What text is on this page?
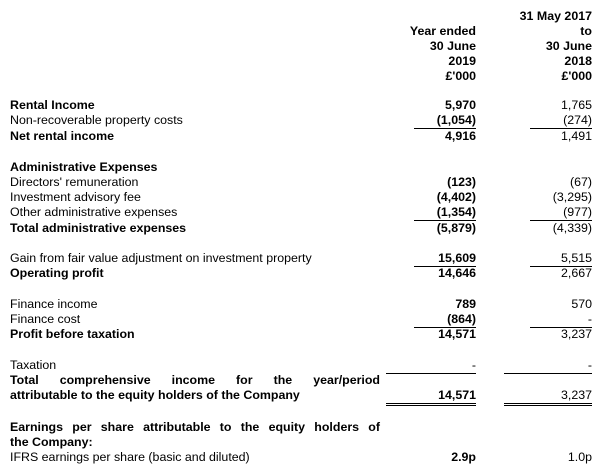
Year ended
30 June
2019
£'000
31 May 2017
to
30 June
2018
£'000
Rental Income	5,970	1,765
Non-recoverable property costs	(1,054)	(274)
Net rental income	4,916	1,491
Administrative Expenses
Directors' remuneration	(123)	(67)
Investment advisory fee	(4,402)	(3,295)
Other administrative expenses	(1,354)	(977)
Total administrative expenses	(5,879)	(4,339)
Gain from fair value adjustment on investment property	15,609	5,515
Operating profit	14,646	2,667
Finance income	789	570
Finance cost	(864)	-
Profit before taxation	14,571	3,237
Taxation	-	-
Total comprehensive income for the year/period
attributable to the equity holders of the Company	14,571	3,237
Earnings per share attributable to the equity holders of
the Company:
IFRS earnings per share (basic and diluted)	2.9p	1.0p
